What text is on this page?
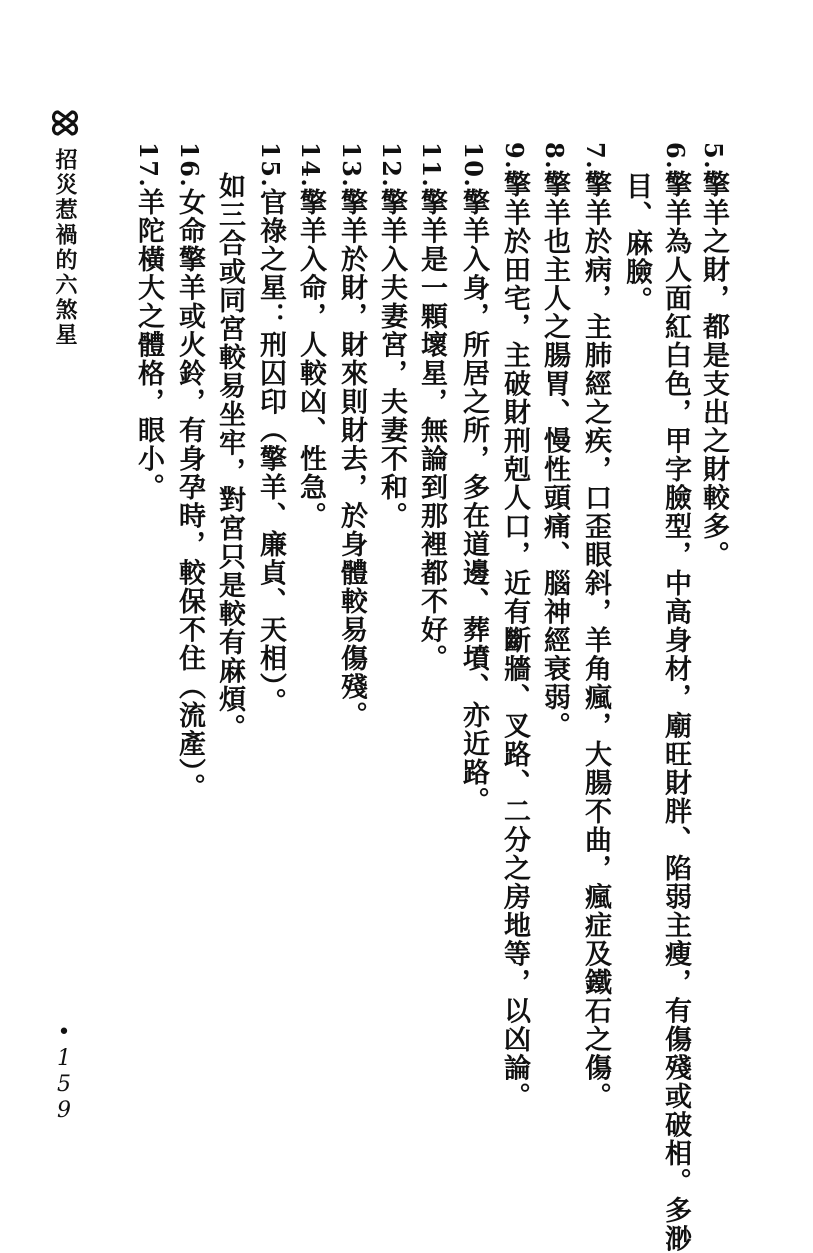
招災惹禍的六煞星
•
1
5
9
5.擎羊之財，都是支出之財較多。
6.擎羊為人面紅白色，甲字臉型，中高身材，廟旺財胖、陷弱主瘦，有傷殘或破相。多渺
目、麻臉。
7.擎羊於病，主肺經之疾，口歪眼斜，羊角瘋，大腸不曲，瘋症及鐵石之傷。
8.擎羊也主人之腸胃、慢性頭痛、腦神經衰弱。
9.擎羊於田宅，主破財刑剋人口，近有斷牆、叉路、二分之房地等，以凶論。
10.擎羊入身，所居之所，多在道邊、葬墳、亦近路。
11.擎羊是一顆壞星，無論到那裡都不好。
12.擎羊入夫妻宮，夫妻不和。
13.擎羊於財，財來則財去，於身體較易傷殘。
14.擎羊入命，人較凶、性急。
15.官祿之星：刑囚印（擎羊、廉貞、天相）。
如三合或同宮較易坐牢，對宮只是較有麻煩。
16.女命擎羊或火鈴，有身孕時，較保不住（流產）。
17.羊陀橫大之體格，眼小。
